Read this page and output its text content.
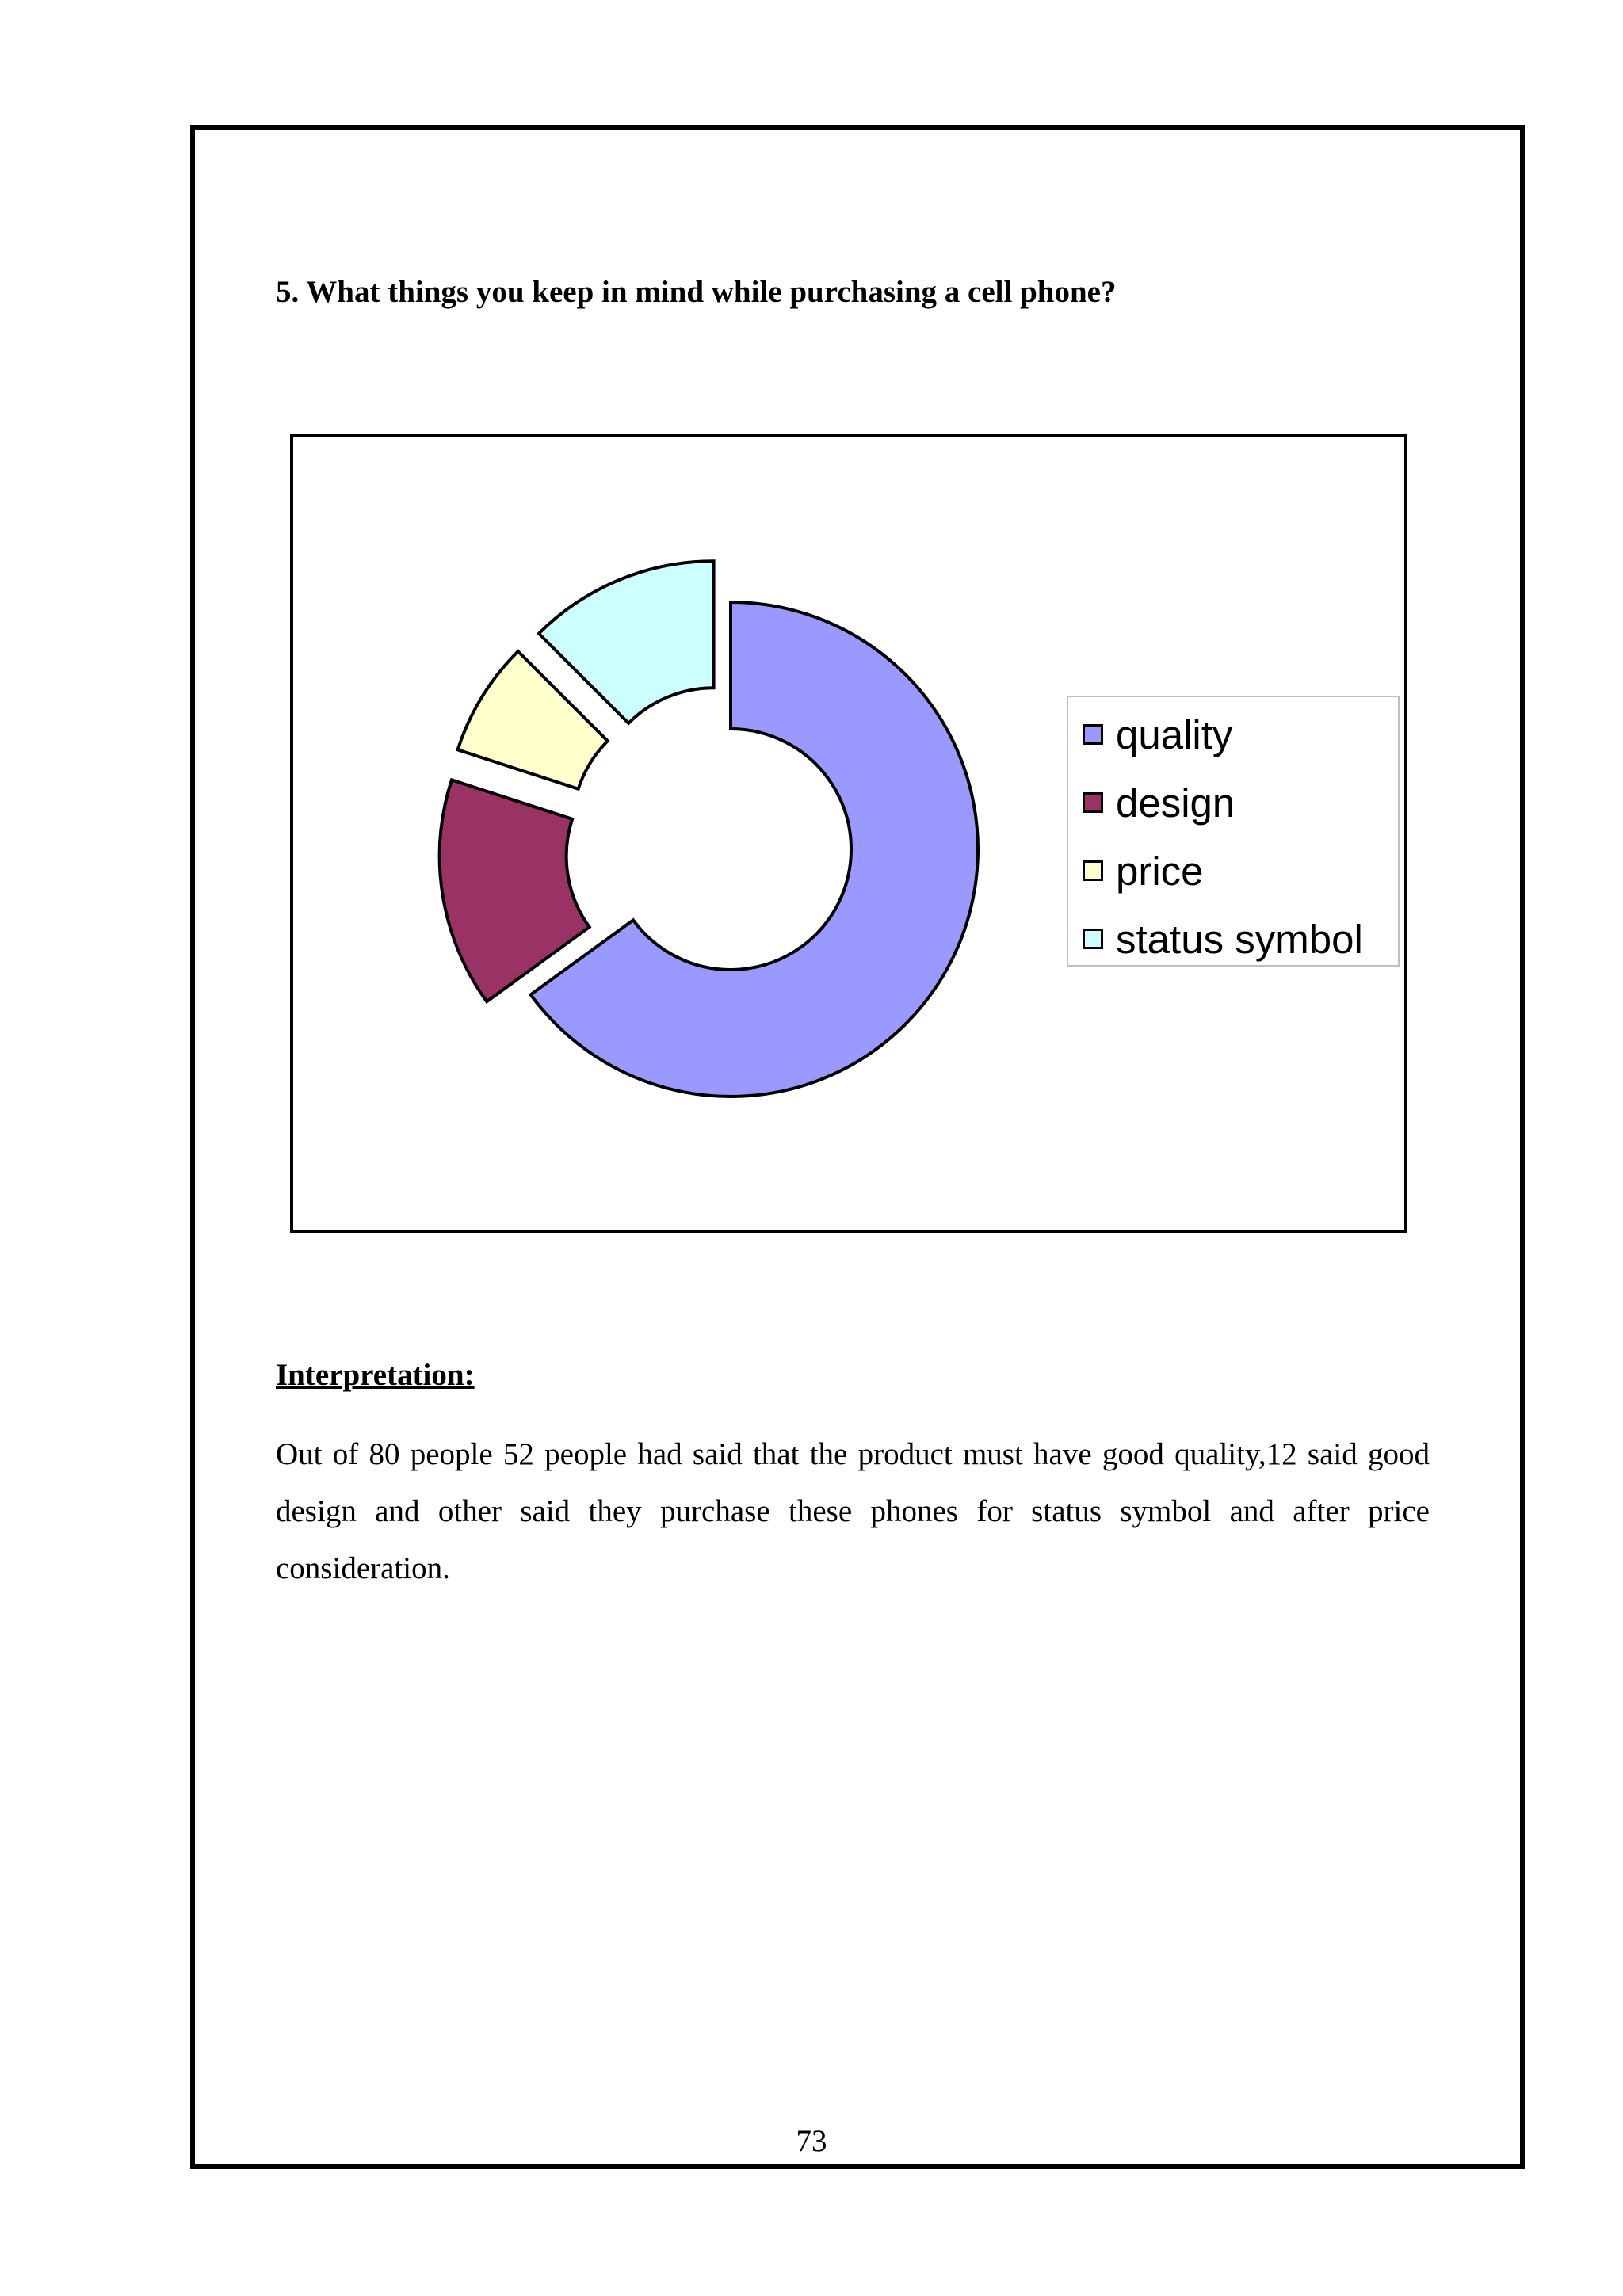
5. What things you keep in mind while purchasing a cell phone?
quality
design
price
status symbol
Interpretation:
Out of 80 people 52 people had said that the product must have good quality,12 said good design and other said they purchase these phones for status symbol and after price consideration.
73
